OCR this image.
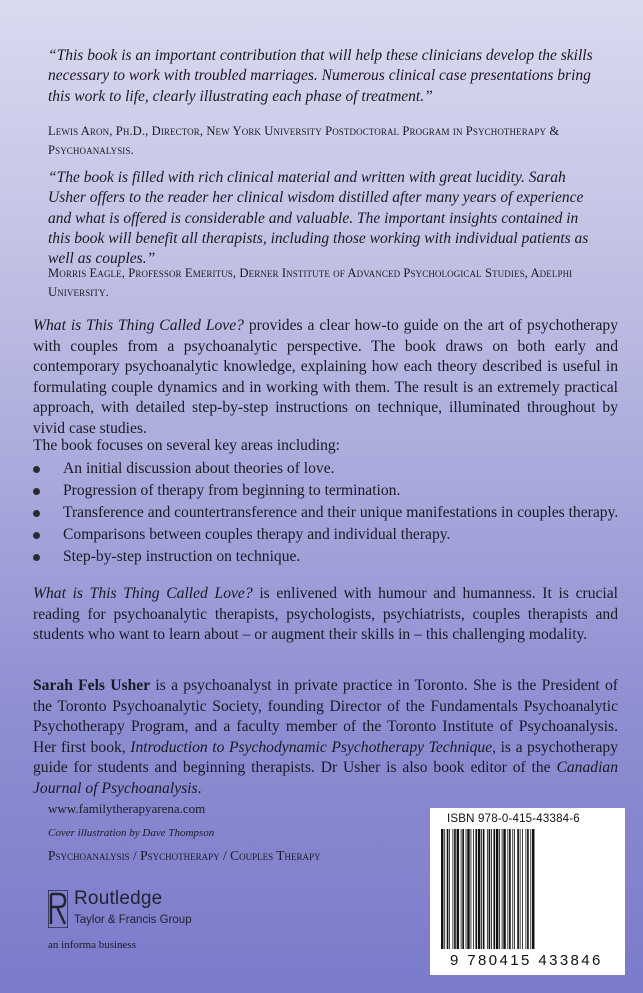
“This book is an important contribution that will help these clinicians develop the skills necessary to work with troubled marriages. Numerous clinical case presentations bring this work to life, clearly illustrating each phase of treatment.”
Lewis Aron, Ph.D., Director, New York University Postdoctoral Program in Psychotherapy & Psychoanalysis.
“The book is filled with rich clinical material and written with great lucidity. Sarah Usher offers to the reader her clinical wisdom distilled after many years of experience and what is offered is considerable and valuable. The important insights contained in this book will benefit all therapists, including those working with individual patients as well as couples.”
Morris Eagle, Professor Emeritus, Derner Institute of Advanced Psychological Studies, Adelphi University.
What is This Thing Called Love? provides a clear how-to guide on the art of psychotherapy with couples from a psychoanalytic perspective. The book draws on both early and contemporary psychoanalytic knowledge, explaining how each theory described is useful in formulating couple dynamics and in working with them. The result is an extremely practical approach, with detailed step-by-step instructions on technique, illuminated throughout by vivid case studies.
The book focuses on several key areas including:
An initial discussion about theories of love.
Progression of therapy from beginning to termination.
Transference and countertransference and their unique manifestations in couples therapy.
Comparisons between couples therapy and individual therapy.
Step-by-step instruction on technique.
What is This Thing Called Love? is enlivened with humour and humanness. It is crucial reading for psychoanalytic therapists, psychologists, psychiatrists, couples therapists and students who want to learn about – or augment their skills in – this challenging modality.
Sarah Fels Usher is a psychoanalyst in private practice in Toronto. She is the President of the Toronto Psychoanalytic Society, founding Director of the Fundamentals Psychoanalytic Psychotherapy Program, and a faculty member of the Toronto Institute of Psychoanalysis. Her first book, Introduction to Psychodynamic Psychotherapy Technique, is a psychotherapy guide for students and beginning therapists. Dr Usher is also book editor of the Canadian Journal of Psychoanalysis.
www.familytherapyarena.com
Cover illustration by Dave Thompson
Psychoanalysis / Psychotherapy / Couples Therapy
Routledge
Taylor & Francis Group
an informa business
ISBN 978-0-415-43384-6
9 780415 433846
